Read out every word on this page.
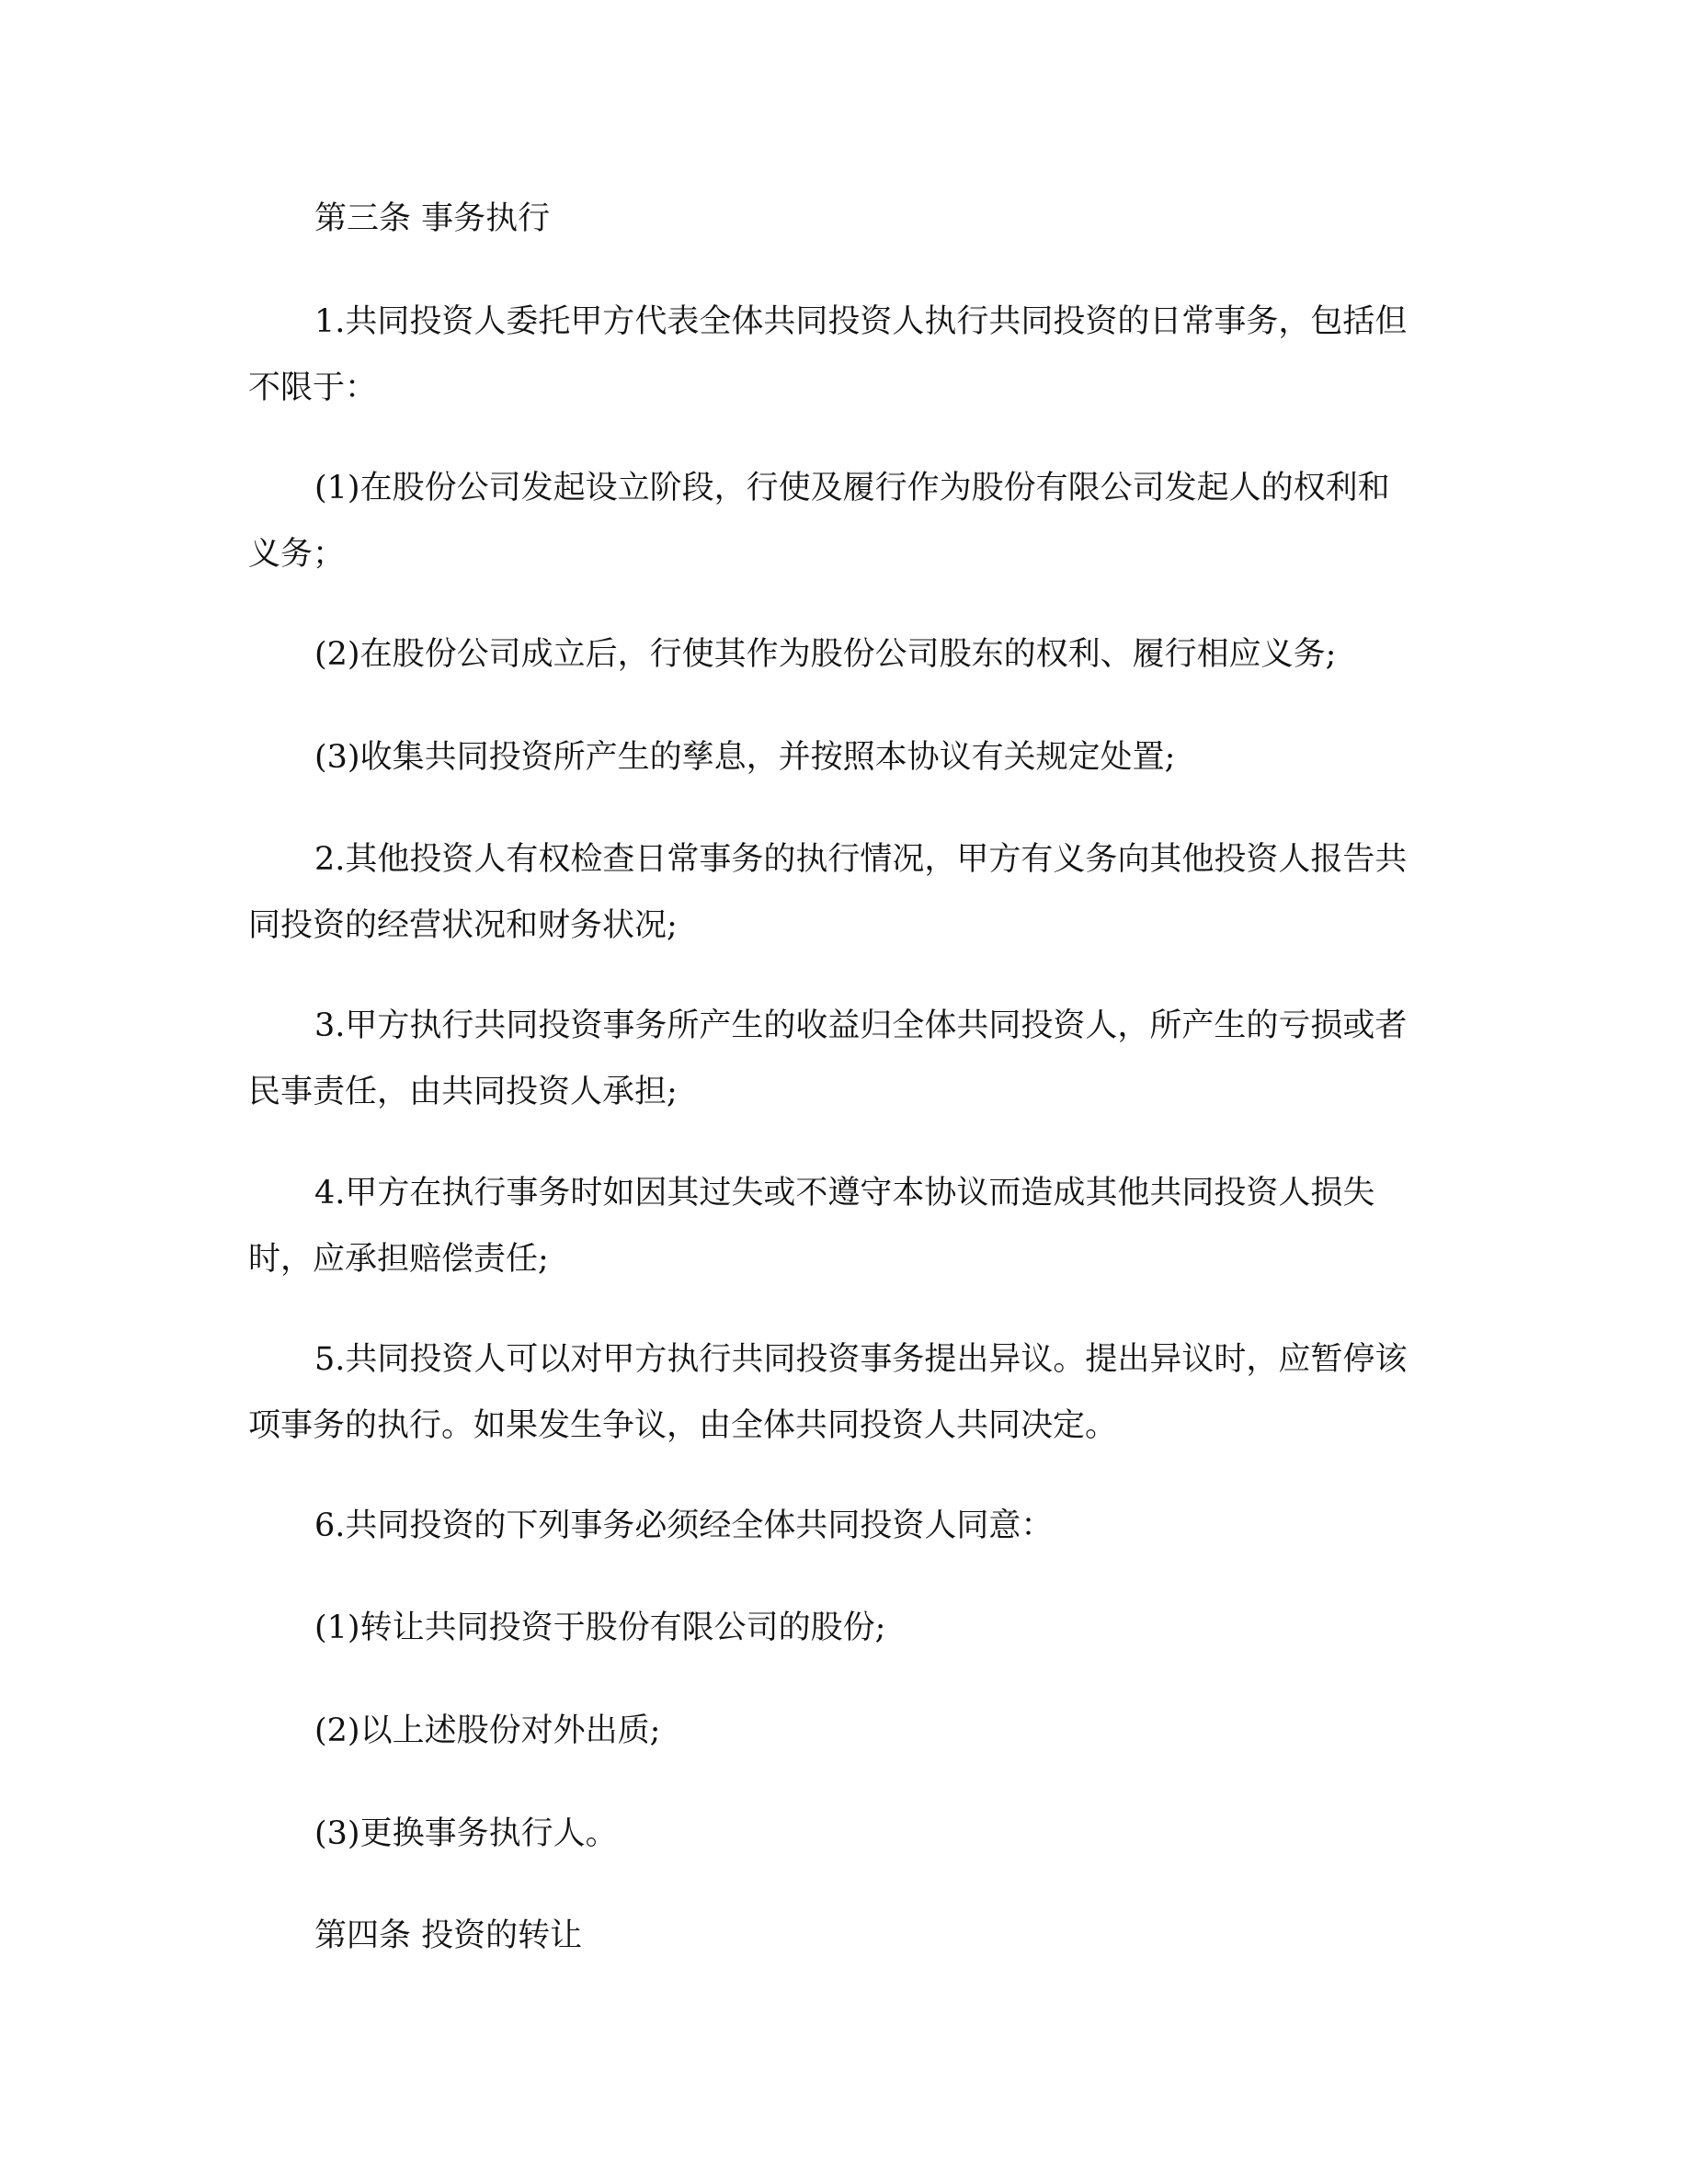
第三条 事务执行

1.共同投资人委托甲方代表全体共同投资人执行共同投资的日常事务，包括但
不限于：

(1)在股份公司发起设立阶段，行使及履行作为股份有限公司发起人的权利和
义务；

(2)在股份公司成立后，行使其作为股份公司股东的权利、履行相应义务;

(3)收集共同投资所产生的孳息，并按照本协议有关规定处置;

2.其他投资人有权检查日常事务的执行情况，甲方有义务向其他投资人报告共
同投资的经营状况和财务状况;

3.甲方执行共同投资事务所产生的收益归全体共同投资人，所产生的亏损或者
民事责任，由共同投资人承担;

4.甲方在执行事务时如因其过失或不遵守本协议而造成其他共同投资人损失
时，应承担赔偿责任;

5.共同投资人可以对甲方执行共同投资事务提出异议。提出异议时，应暂停该
项事务的执行。如果发生争议，由全体共同投资人共同决定。

6.共同投资的下列事务必须经全体共同投资人同意：

(1)转让共同投资于股份有限公司的股份;

(2)以上述股份对外出质;

(3)更换事务执行人。

第四条 投资的转让
